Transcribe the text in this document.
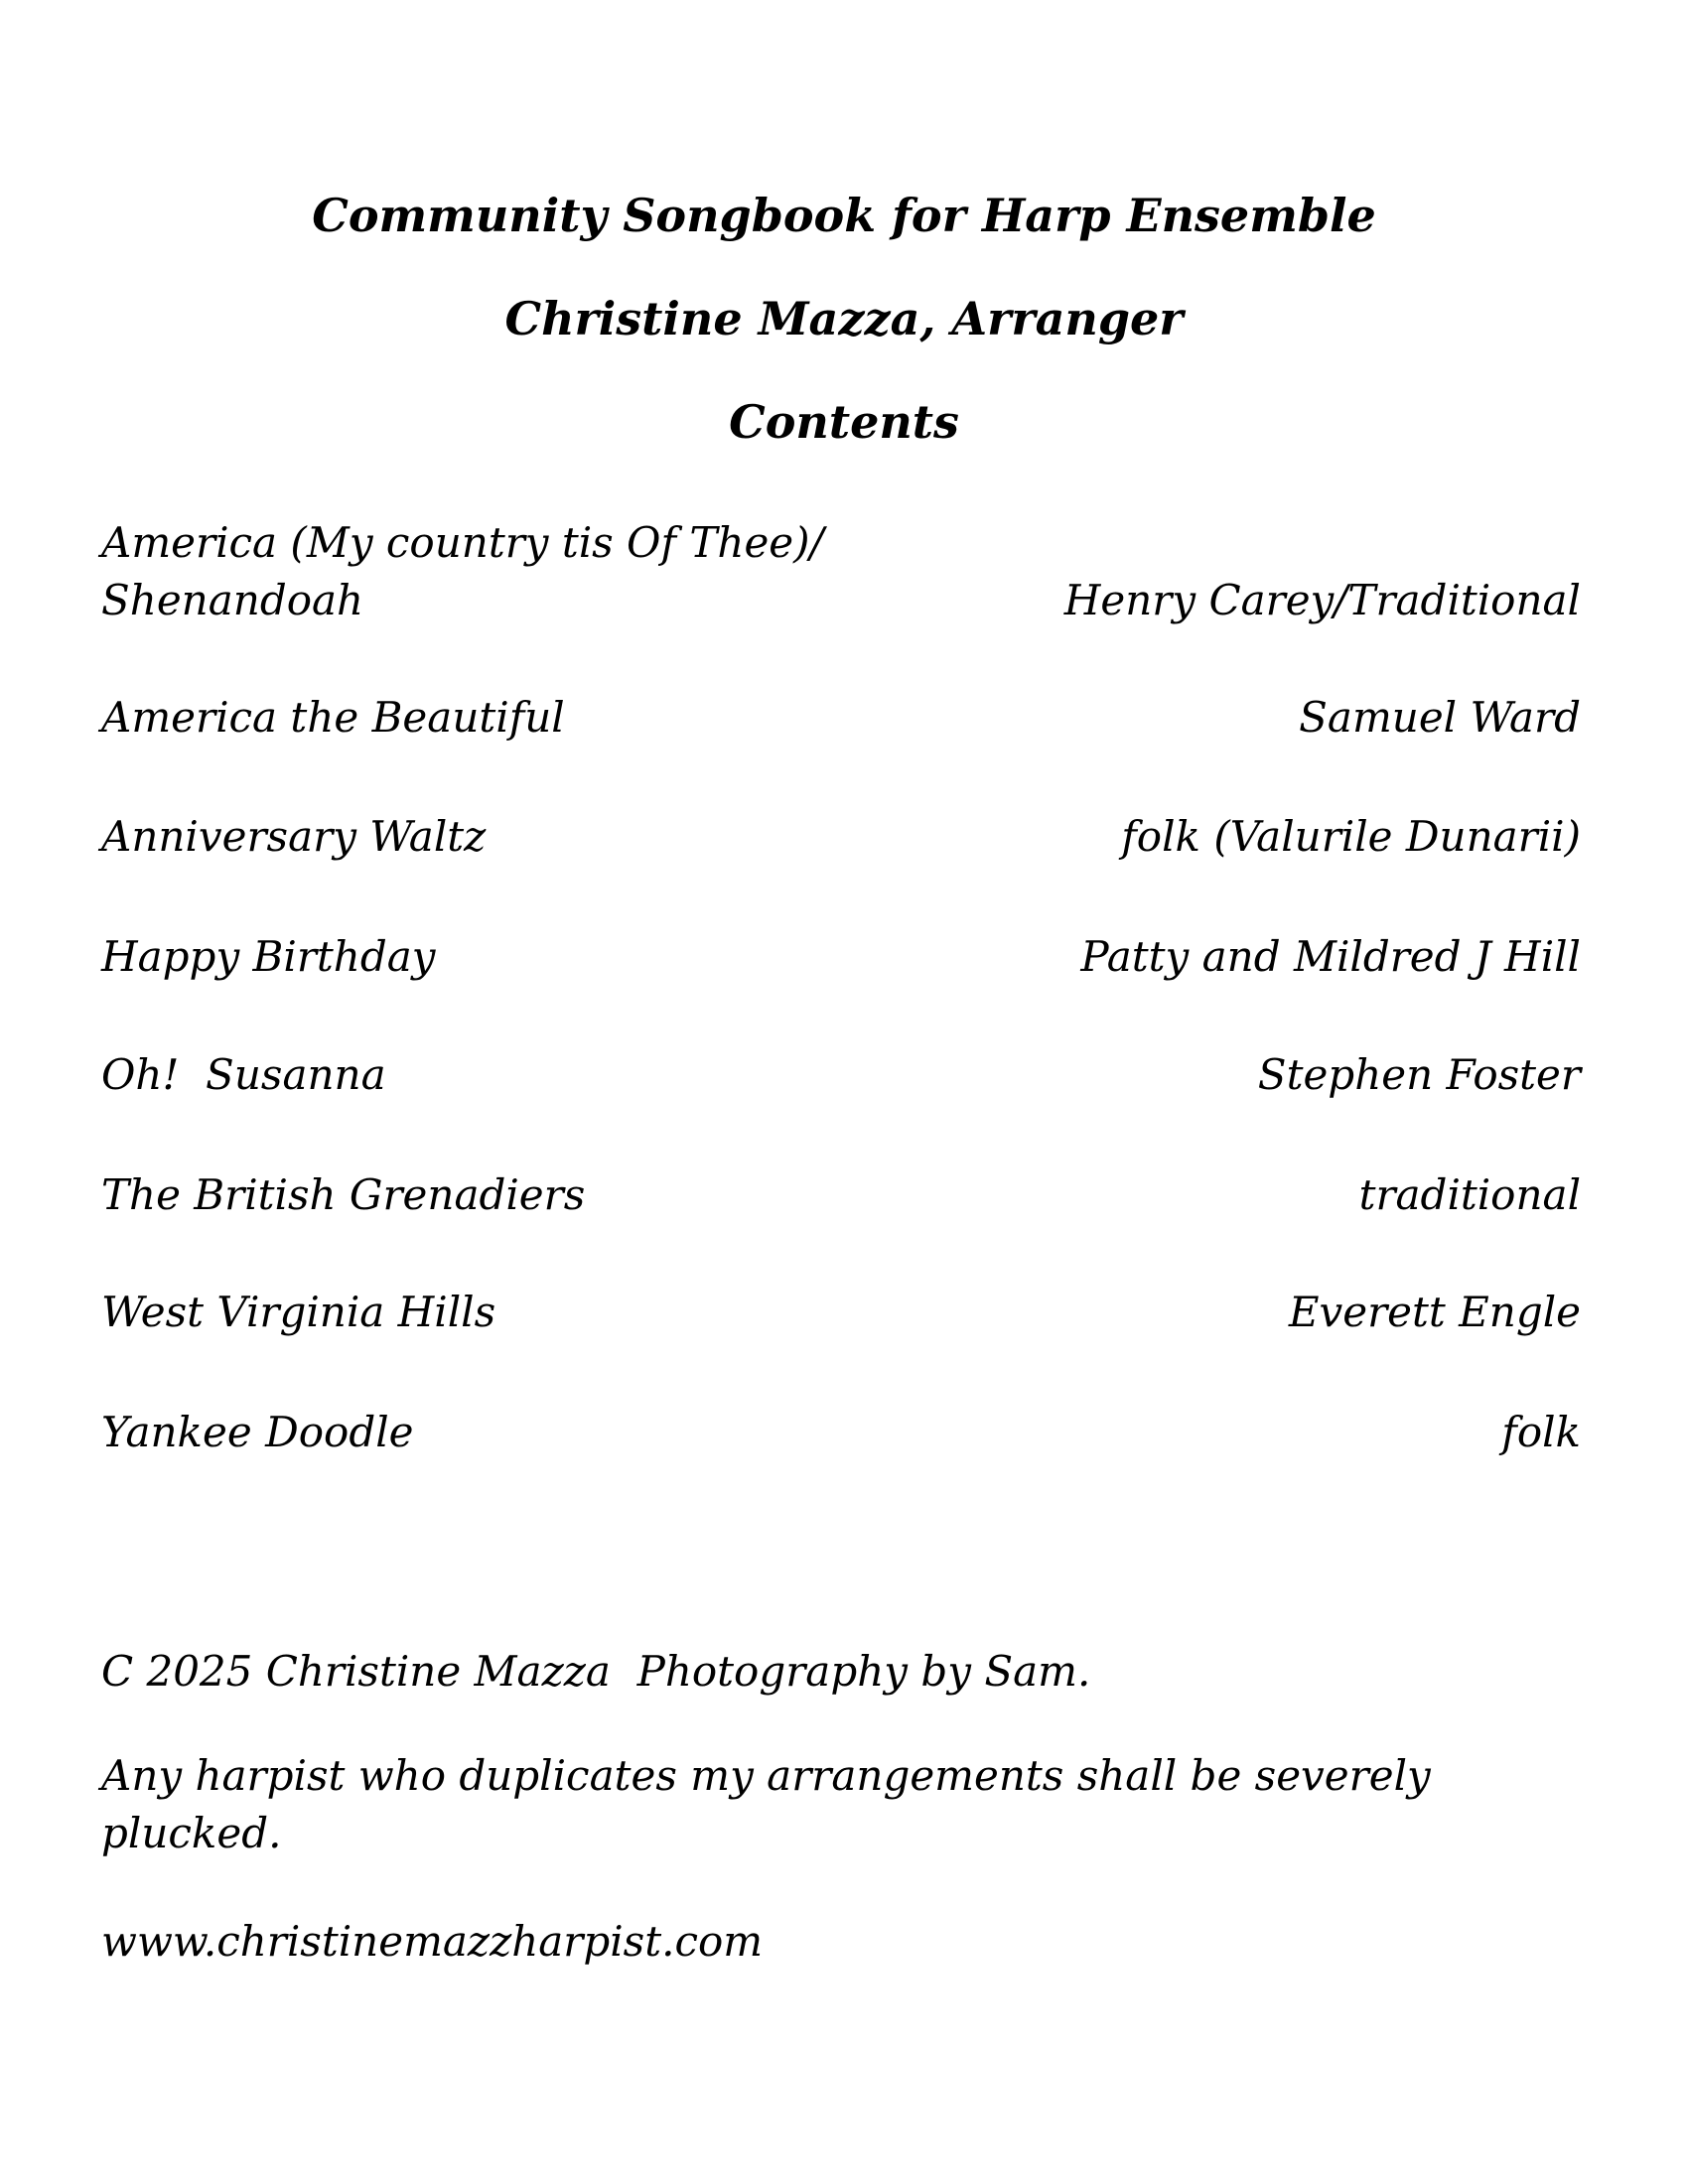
Community Songbook for Harp Ensemble
Christine Mazza, Arranger
Contents
America (My country tis Of Thee)/
Shenandoah	Henry Carey/Traditional
America the Beautiful	Samuel Ward
Anniversary Waltz	folk (Valurile Dunarii)
Happy Birthday	Patty and Mildred J Hill
Oh!  Susanna	Stephen Foster
The British Grenadiers	traditional
West Virginia Hills	Everett Engle
Yankee Doodle	folk
C 2025 Christine Mazza  Photography by Sam.
Any harpist who duplicates my arrangements shall be severely plucked.
www.christinemazzharpist.com
